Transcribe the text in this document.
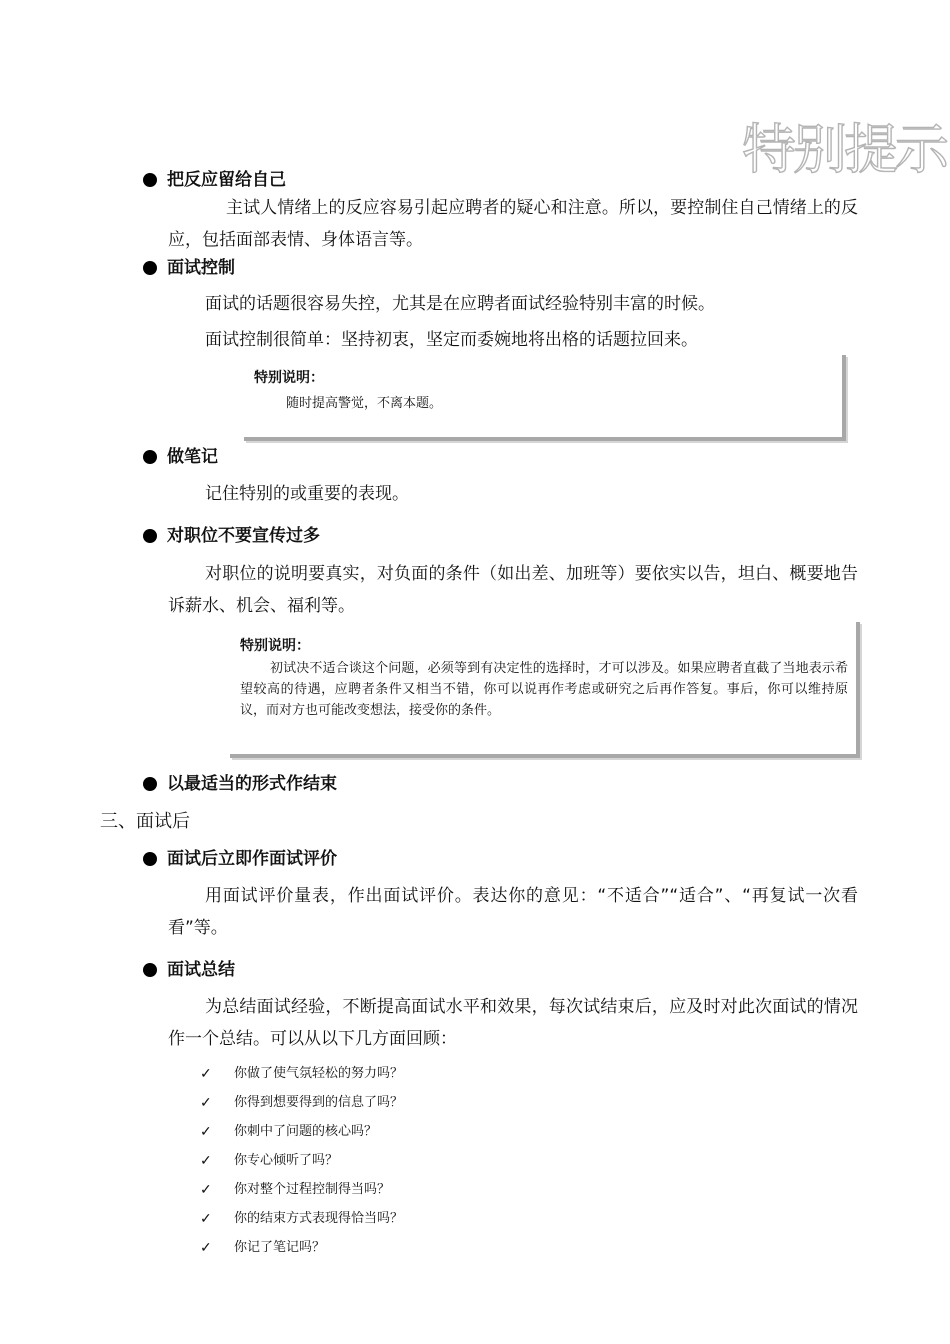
特别提示
把反应留给自己
主试人情绪上的反应容易引起应聘者的疑心和注意。所以，要控制住自己情绪上的反应，包括面部表情、身体语言等。
面试控制
面试的话题很容易失控，尤其是在应聘者面试经验特别丰富的时候。
面试控制很简单：坚持初衷，坚定而委婉地将出格的话题拉回来。
特别说明：
随时提高警觉，不离本题。
做笔记
记住特别的或重要的表现。
对职位不要宣传过多
对职位的说明要真实，对负面的条件（如出差、加班等）要依实以告，坦白、概要地告诉薪水、机会、福利等。
特别说明：
初试决不适合谈这个问题，必须等到有决定性的选择时，才可以涉及。如果应聘者直截了当地表示希望较高的待遇，应聘者条件又相当不错，你可以说再作考虑或研究之后再作答复。事后，你可以维持原议，而对方也可能改变想法，接受你的条件。
以最适当的形式作结束
三、面试后
面试后立即作面试评价
用面试评价量表，作出面试评价。表达你的意见：“不适合”“适合”、“再复试一次看看”等。
面试总结
为总结面试经验，不断提高面试水平和效果，每次试结束后，应及时对此次面试的情况作一个总结。可以从以下几方面回顾：
✓	你做了使气氛轻松的努力吗？
✓	你得到想要得到的信息了吗？
✓	你刺中了问题的核心吗？
✓	你专心倾听了吗？
✓	你对整个过程控制得当吗？
✓	你的结束方式表现得恰当吗？
✓	你记了笔记吗？
